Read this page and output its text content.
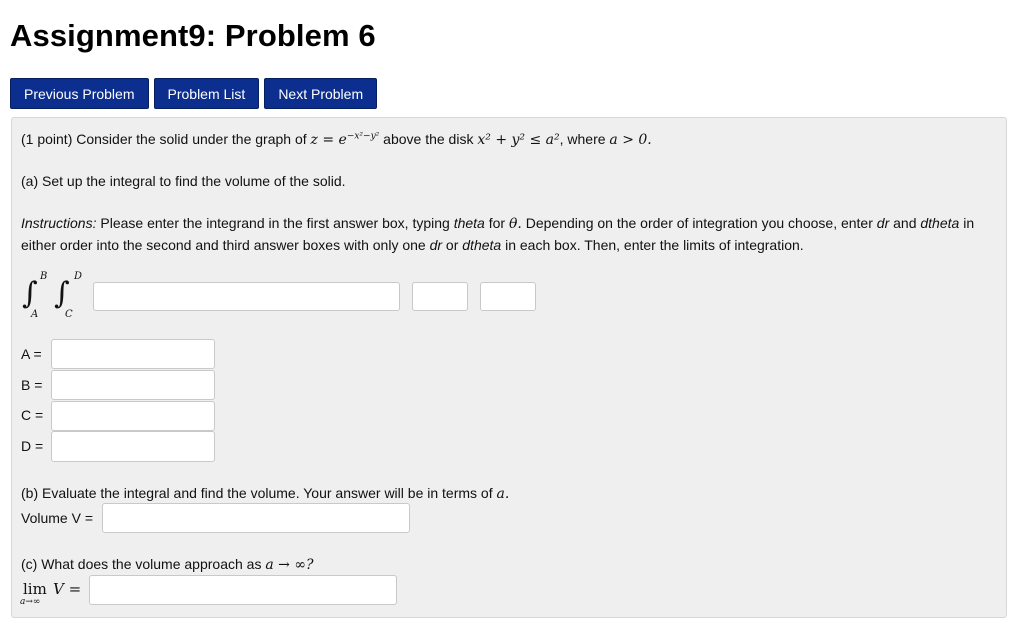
Assignment9: Problem 6
Previous Problem	Problem List	Next Problem
(1 point) Consider the solid under the graph of $z = e^{-x^2-y^2}$ above the disk x² + y² ≤ a², where a > 0.
(a) Set up the integral to find the volume of the solid.
Instructions: Please enter the integrand in the first answer box, typing theta for θ. Depending on the order of integration you choose, enter dr and dtheta in either order into the second and third answer boxes with only one dr or dtheta in each box. Then, enter the limits of integration.
∫ B
A
∫ D
C
A =
B =
C =
D =
(b) Evaluate the integral and find the volume. Your answer will be in terms of a.
Volume V =
(c) What does the volume approach as a → ∞?
lim V =
a→∞
